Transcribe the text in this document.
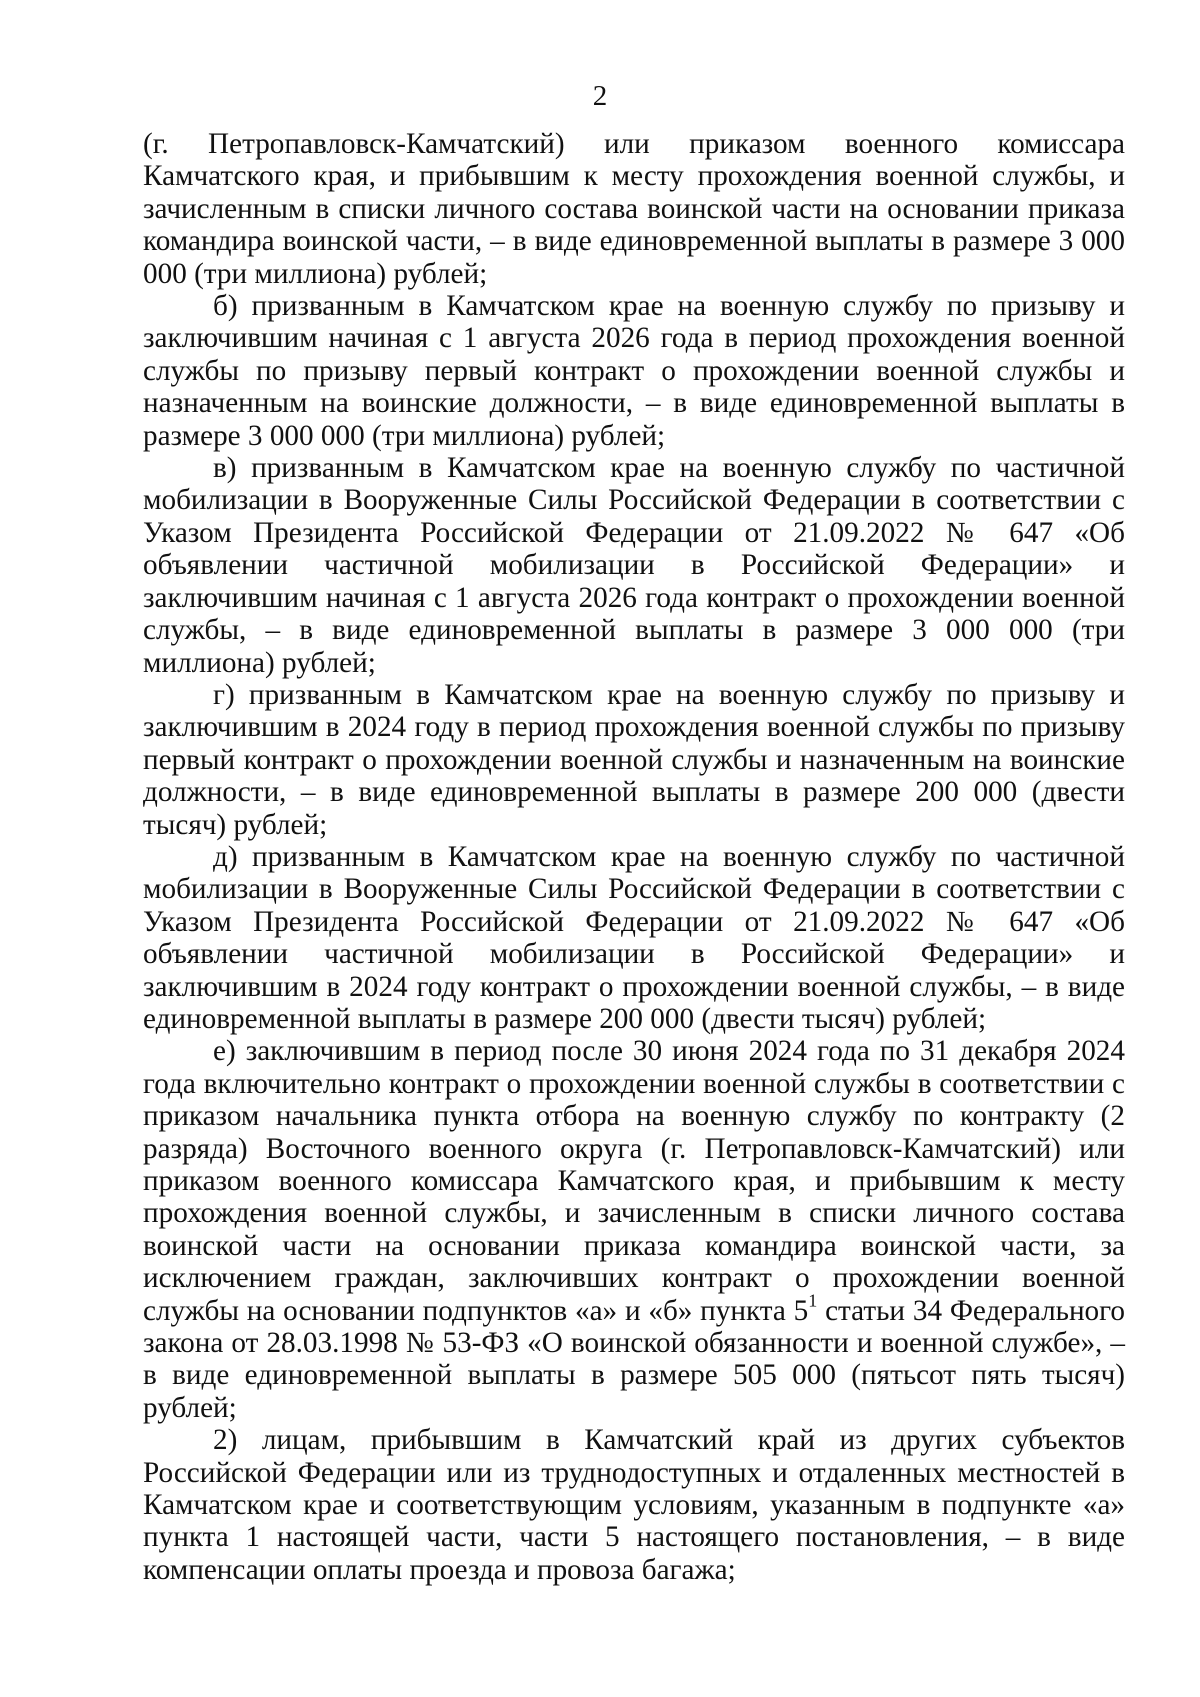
2

(г. Петропавловск-Камчатский) или приказом военного комиссара Камчатского края, и прибывшим к месту прохождения военной службы, и зачисленным в списки личного состава воинской части на основании приказа командира воинской части, – в виде единовременной выплаты в размере 3 000 000 (три миллиона) рублей;

б) призванным в Камчатском крае на военную службу по призыву и заключившим начиная с 1 августа 2026 года в период прохождения военной службы по призыву первый контракт о прохождении военной службы и назначенным на воинские должности, – в виде единовременной выплаты в размере 3 000 000 (три миллиона) рублей;

в) призванным в Камчатском крае на военную службу по частичной мобилизации в Вооруженные Силы Российской Федерации в соответствии с Указом Президента Российской Федерации от 21.09.2022 № 647 «Об объявлении частичной мобилизации в Российской Федерации» и заключившим начиная с 1 августа 2026 года контракт о прохождении военной службы, – в виде единовременной выплаты в размере 3 000 000 (три миллиона) рублей;

г) призванным в Камчатском крае на военную службу по призыву и заключившим в 2024 году в период прохождения военной службы по призыву первый контракт о прохождении военной службы и назначенным на воинские должности, – в виде единовременной выплаты в размере 200 000 (двести тысяч) рублей;

д) призванным в Камчатском крае на военную службу по частичной мобилизации в Вооруженные Силы Российской Федерации в соответствии с Указом Президента Российской Федерации от 21.09.2022 № 647 «Об объявлении частичной мобилизации в Российской Федерации» и заключившим в 2024 году контракт о прохождении военной службы, – в виде единовременной выплаты в размере 200 000 (двести тысяч) рублей;

е) заключившим в период после 30 июня 2024 года по 31 декабря 2024 года включительно контракт о прохождении военной службы в соответствии с приказом начальника пункта отбора на военную службу по контракту (2 разряда) Восточного военного округа (г. Петропавловск-Камчатский) или приказом военного комиссара Камчатского края, и прибывшим к месту прохождения военной службы, и зачисленным в списки личного состава воинской части на основании приказа командира воинской части, за исключением граждан, заключивших контракт о прохождении военной службы на основании подпунктов «а» и «б» пункта $5^1$ статьи 34 Федерального закона от 28.03.1998 № 53-ФЗ «О воинской обязанности и военной службе», – в виде единовременной выплаты в размере 505 000 (пятьсот пять тысяч) рублей;

2) лицам, прибывшим в Камчатский край из других субъектов Российской Федерации или из труднодоступных и отдаленных местностей в Камчатском крае и соответствующим условиям, указанным в подпункте «а» пункта 1 настоящей части, части 5 настоящего постановления, – в виде компенсации оплаты проезда и провоза багажа;
